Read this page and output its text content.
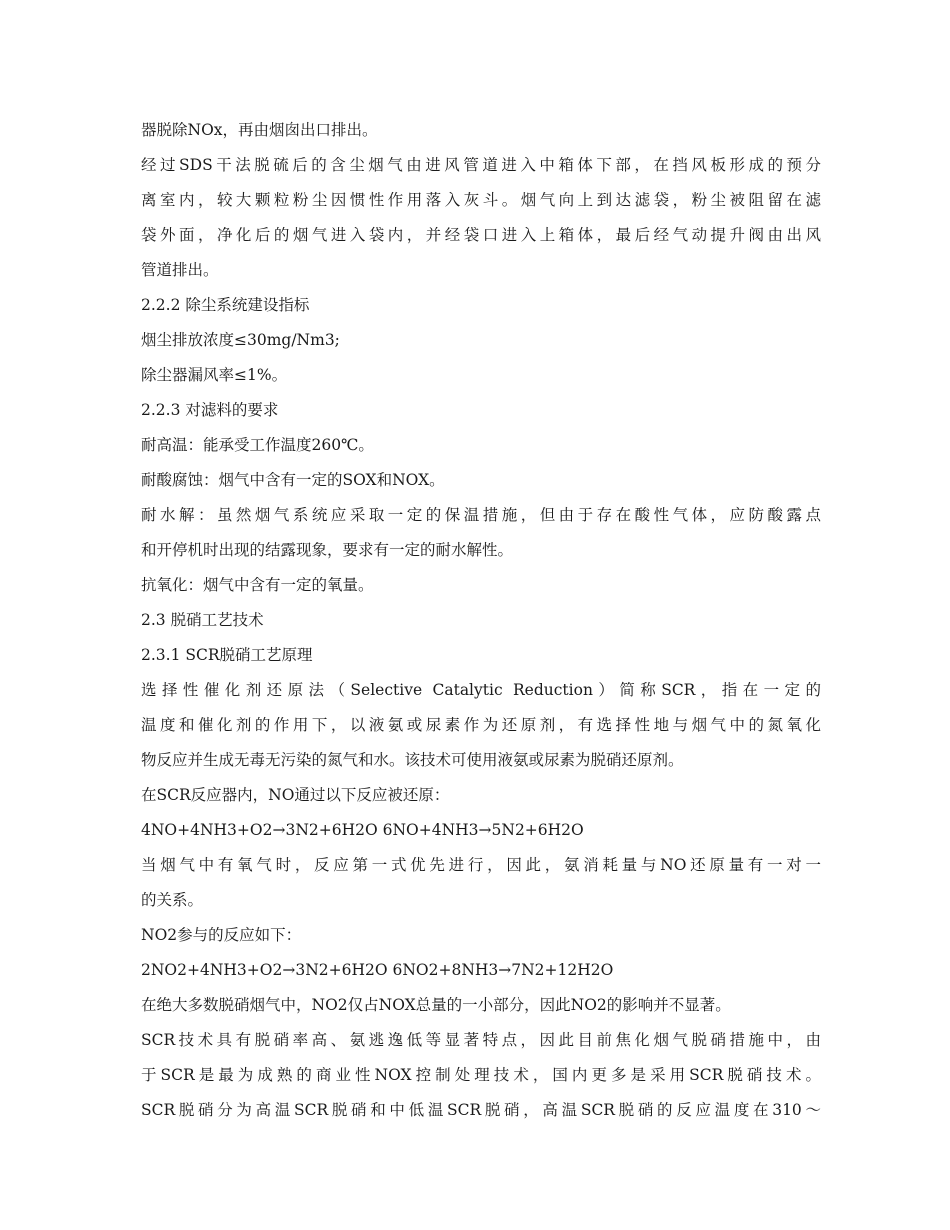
器脱除NOx，再由烟囱出口排出。
经过SDS干法脱硫后的含尘烟气由进风管道进入中箱体下部，在挡风板形成的预分
离室内，较大颗粒粉尘因惯性作用落入灰斗。烟气向上到达滤袋，粉尘被阻留在滤
袋外面，净化后的烟气进入袋内，并经袋口进入上箱体，最后经气动提升阀由出风
管道排出。
2.2.2 除尘系统建设指标
烟尘排放浓度≤30mg/Nm3;
除尘器漏风率≤1%。
2.2.3 对滤料的要求
耐高温：能承受工作温度260℃。
耐酸腐蚀：烟气中含有一定的SOX和NOX。
耐水解：虽然烟气系统应采取一定的保温措施，但由于存在酸性气体，应防酸露点
和开停机时出现的结露现象，要求有一定的耐水解性。
抗氧化：烟气中含有一定的氧量。
2.3 脱硝工艺技术
2.3.1 SCR脱硝工艺原理
选择性催化剂还原法（Selective Catalytic Reduction）简称SCR，指在一定的
温度和催化剂的作用下，以液氨或尿素作为还原剂，有选择性地与烟气中的氮氧化
物反应并生成无毒无污染的氮气和水。该技术可使用液氨或尿素为脱硝还原剂。
在SCR反应器内，NO通过以下反应被还原：
4NO+4NH3+O2→3N2+6H2O 6NO+4NH3→5N2+6H2O
当烟气中有氧气时，反应第一式优先进行，因此，氨消耗量与NO还原量有一对一
的关系。
NO2参与的反应如下：
2NO2+4NH3+O2→3N2+6H2O 6NO2+8NH3→7N2+12H2O
在绝大多数脱硝烟气中，NO2仅占NOX总量的一小部分，因此NO2的影响并不显著。
SCR技术具有脱硝率高、氨逃逸低等显著特点，因此目前焦化烟气脱硝措施中，由
于SCR是最为成熟的商业性NOX控制处理技术，国内更多是采用SCR脱硝技术。
SCR脱硝分为高温SCR脱硝和中低温SCR脱硝，高温SCR脱硝的反应温度在310～
